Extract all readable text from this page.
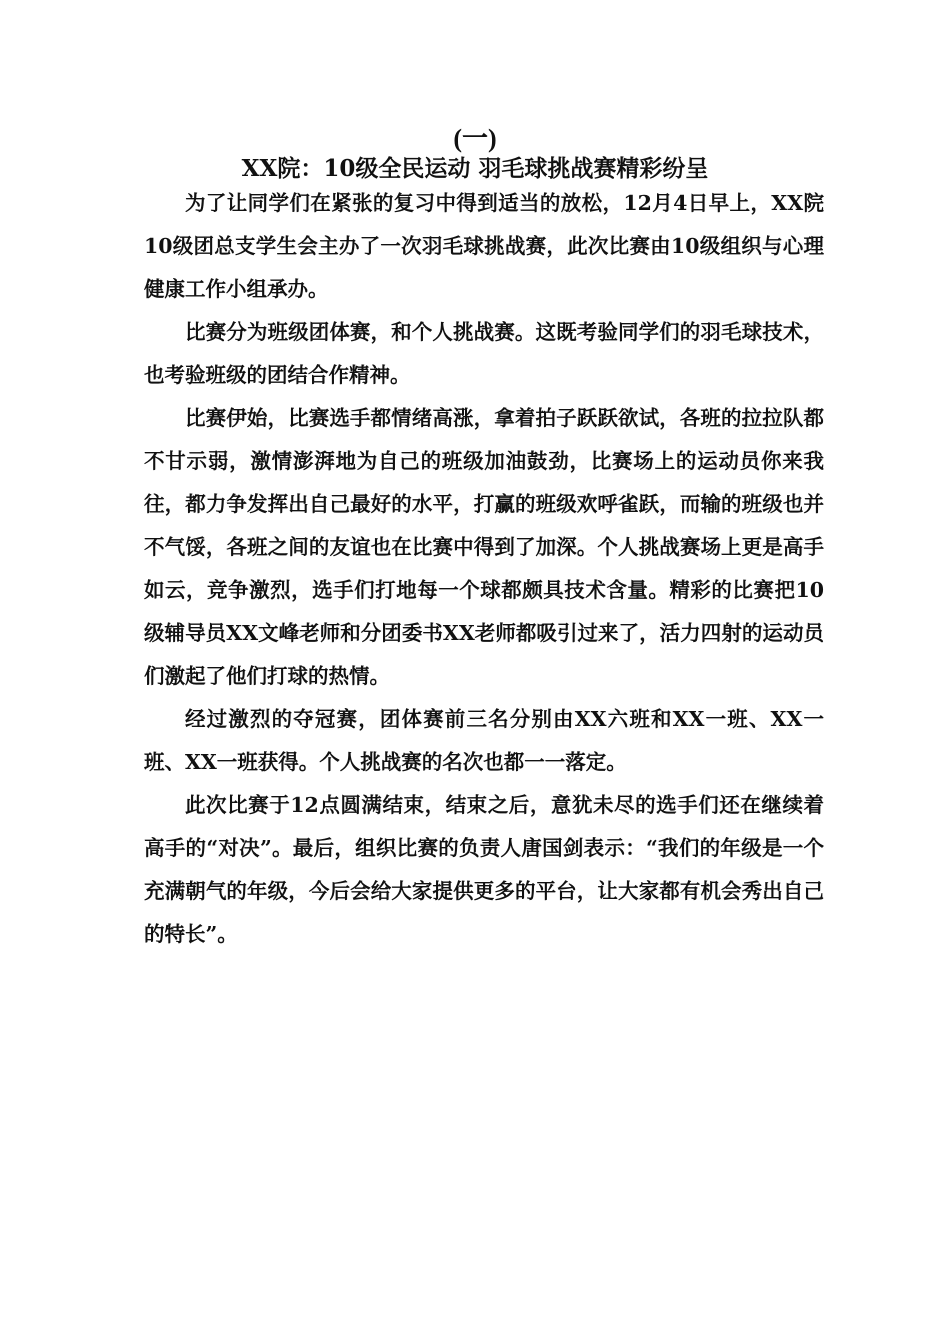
(一)
XX院：10级全民运动 羽毛球挑战赛精彩纷呈

为了让同学们在紧张的复习中得到适当的放松，12月4日早上，XX院10级团总支学生会主办了一次羽毛球挑战赛，此次比赛由10级组织与心理健康工作小组承办。

比赛分为班级团体赛，和个人挑战赛。这既考验同学们的羽毛球技术，也考验班级的团结合作精神。

比赛伊始，比赛选手都情绪高涨，拿着拍子跃跃欲试，各班的拉拉队都不甘示弱，激情澎湃地为自己的班级加油鼓劲，比赛场上的运动员你来我往，都力争发挥出自己最好的水平，打赢的班级欢呼雀跃，而输的班级也并不气馁，各班之间的友谊也在比赛中得到了加深。个人挑战赛场上更是高手如云，竞争激烈，选手们打地每一个球都颇具技术含量。精彩的比赛把10级辅导员XX文峰老师和分团委书XX老师都吸引过来了，活力四射的运动员们激起了他们打球的热情。

经过激烈的夺冠赛，团体赛前三名分别由XX六班和XX一班、XX一班、XX一班获得。个人挑战赛的名次也都一一落定。

此次比赛于12点圆满结束，结束之后，意犹未尽的选手们还在继续着高手的“对决”。最后，组织比赛的负责人唐国剑表示：“我们的年级是一个充满朝气的年级，今后会给大家提供更多的平台，让大家都有机会秀出自己的特长”。
